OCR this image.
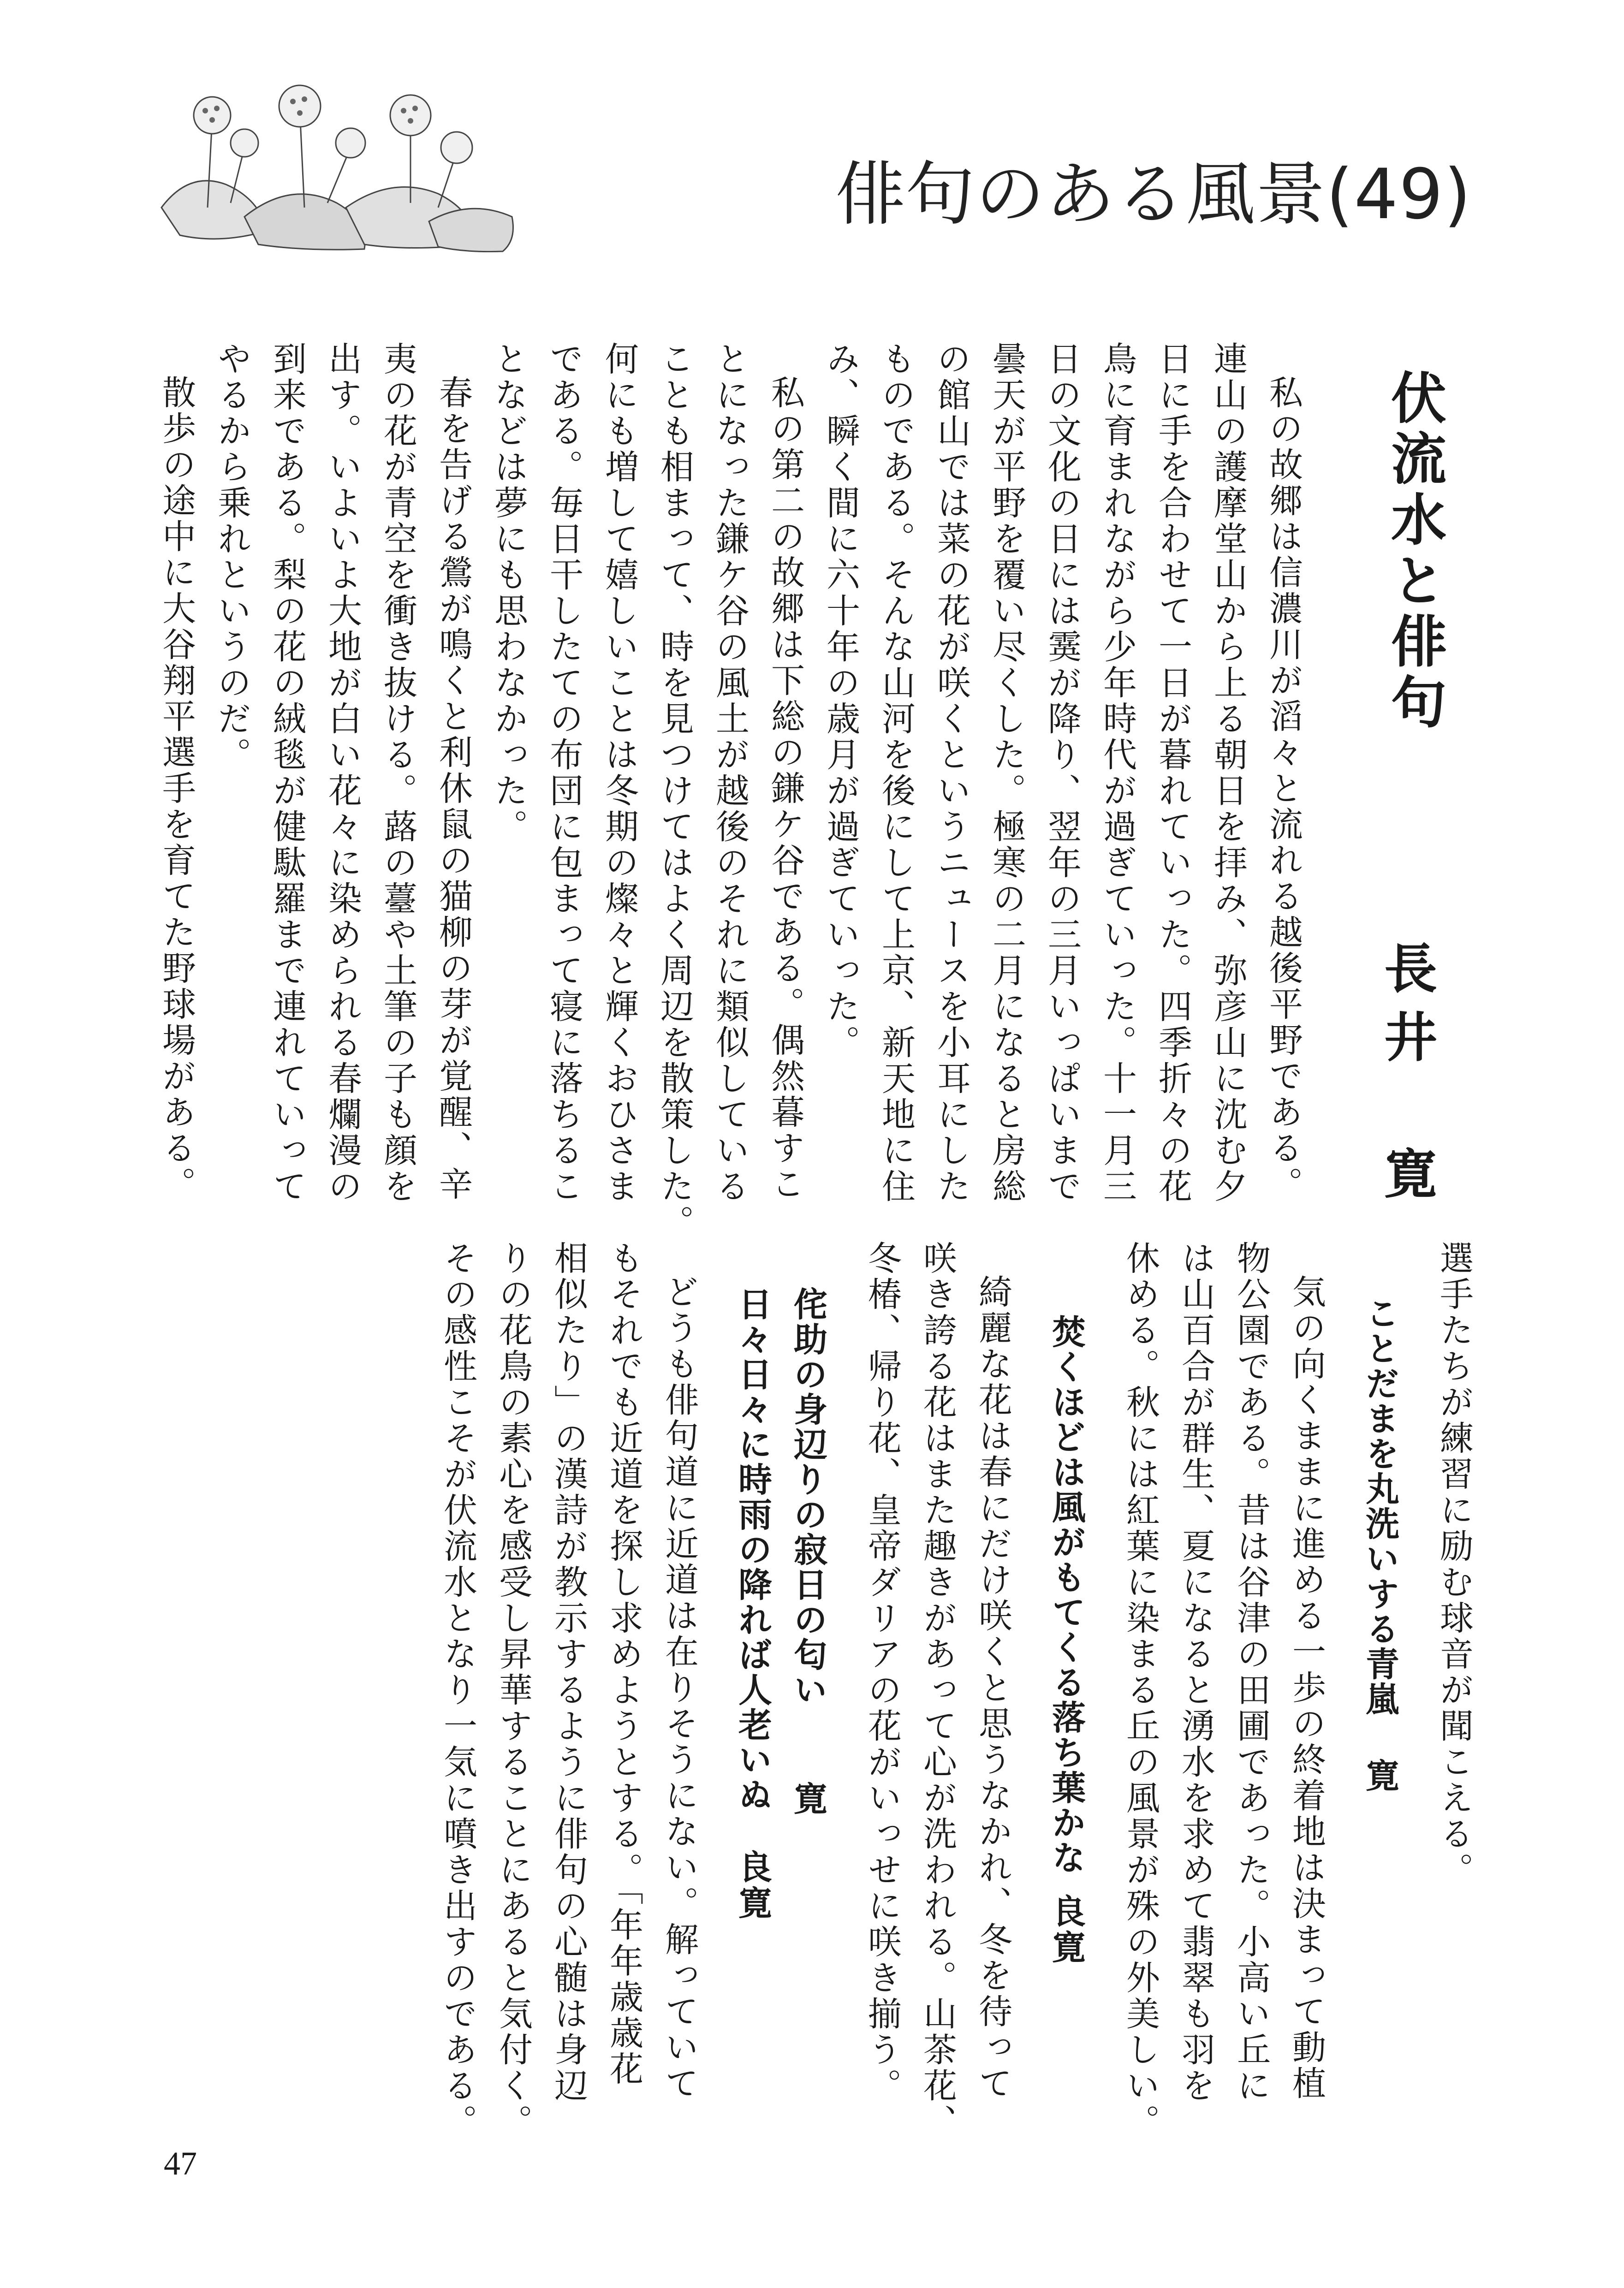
俳句のある風景(49)
伏流水と俳句
長井　寛
私の故郷は信濃川が滔々と流れる越後平野である。
連山の護摩堂山から上る朝日を拝み、弥彦山に沈む夕
日に手を合わせて一日が暮れていった。四季折々の花
鳥に育まれながら少年時代が過ぎていった。十一月三
日の文化の日には霙が降り、翌年の三月いっぱいまで
曇天が平野を覆い尽くした。極寒の二月になると房総
の館山では菜の花が咲くというニュースを小耳にした
ものである。そんな山河を後にして上京、新天地に住
み、瞬く間に六十年の歳月が過ぎていった。
私の第二の故郷は下総の鎌ケ谷である。偶然暮すこ
とになった鎌ケ谷の風土が越後のそれに類似している
ことも相まって、時を見つけてはよく周辺を散策した。
何にも増して嬉しいことは冬期の燦々と輝くおひさま
である。毎日干したての布団に包まって寝に落ちるこ
となどは夢にも思わなかった。
春を告げる鶯が鳴くと利休鼠の猫柳の芽が覚醒、辛
夷の花が青空を衝き抜ける。蕗の薹や土筆の子も顔を
出す。いよいよ大地が白い花々に染められる春爛漫の
到来である。梨の花の絨毯が健駄羅まで連れていって
やるから乗れというのだ。
散歩の途中に大谷翔平選手を育てた野球場がある。
選手たちが練習に励む球音が聞こえる。
ことだまを丸洗いする青嵐寛
気の向くままに進める一歩の終着地は決まって動植
物公園である。昔は谷津の田圃であった。小高い丘に
は山百合が群生、夏になると湧水を求めて翡翠も羽を
休める。秋には紅葉に染まる丘の風景が殊の外美しい。
焚くほどは風がもてくる落ち葉かな良寛
綺麗な花は春にだけ咲くと思うなかれ、冬を待って
咲き誇る花はまた趣きがあって心が洗われる。山茶花、
冬椿、帰り花、皇帝ダリアの花がいっせに咲き揃う。
侘助の身辺りの寂日の匂い寛
日々日々に時雨の降れば人老いぬ良寛
どうも俳句道に近道は在りそうにない。解っていて
もそれでも近道を探し求めようとする。「年年歳歳花
相似たり」の漢詩が教示するように俳句の心髄は身辺
りの花鳥の素心を感受し昇華することにあると気付く。
その感性こそが伏流水となり一気に噴き出すのである。
47
